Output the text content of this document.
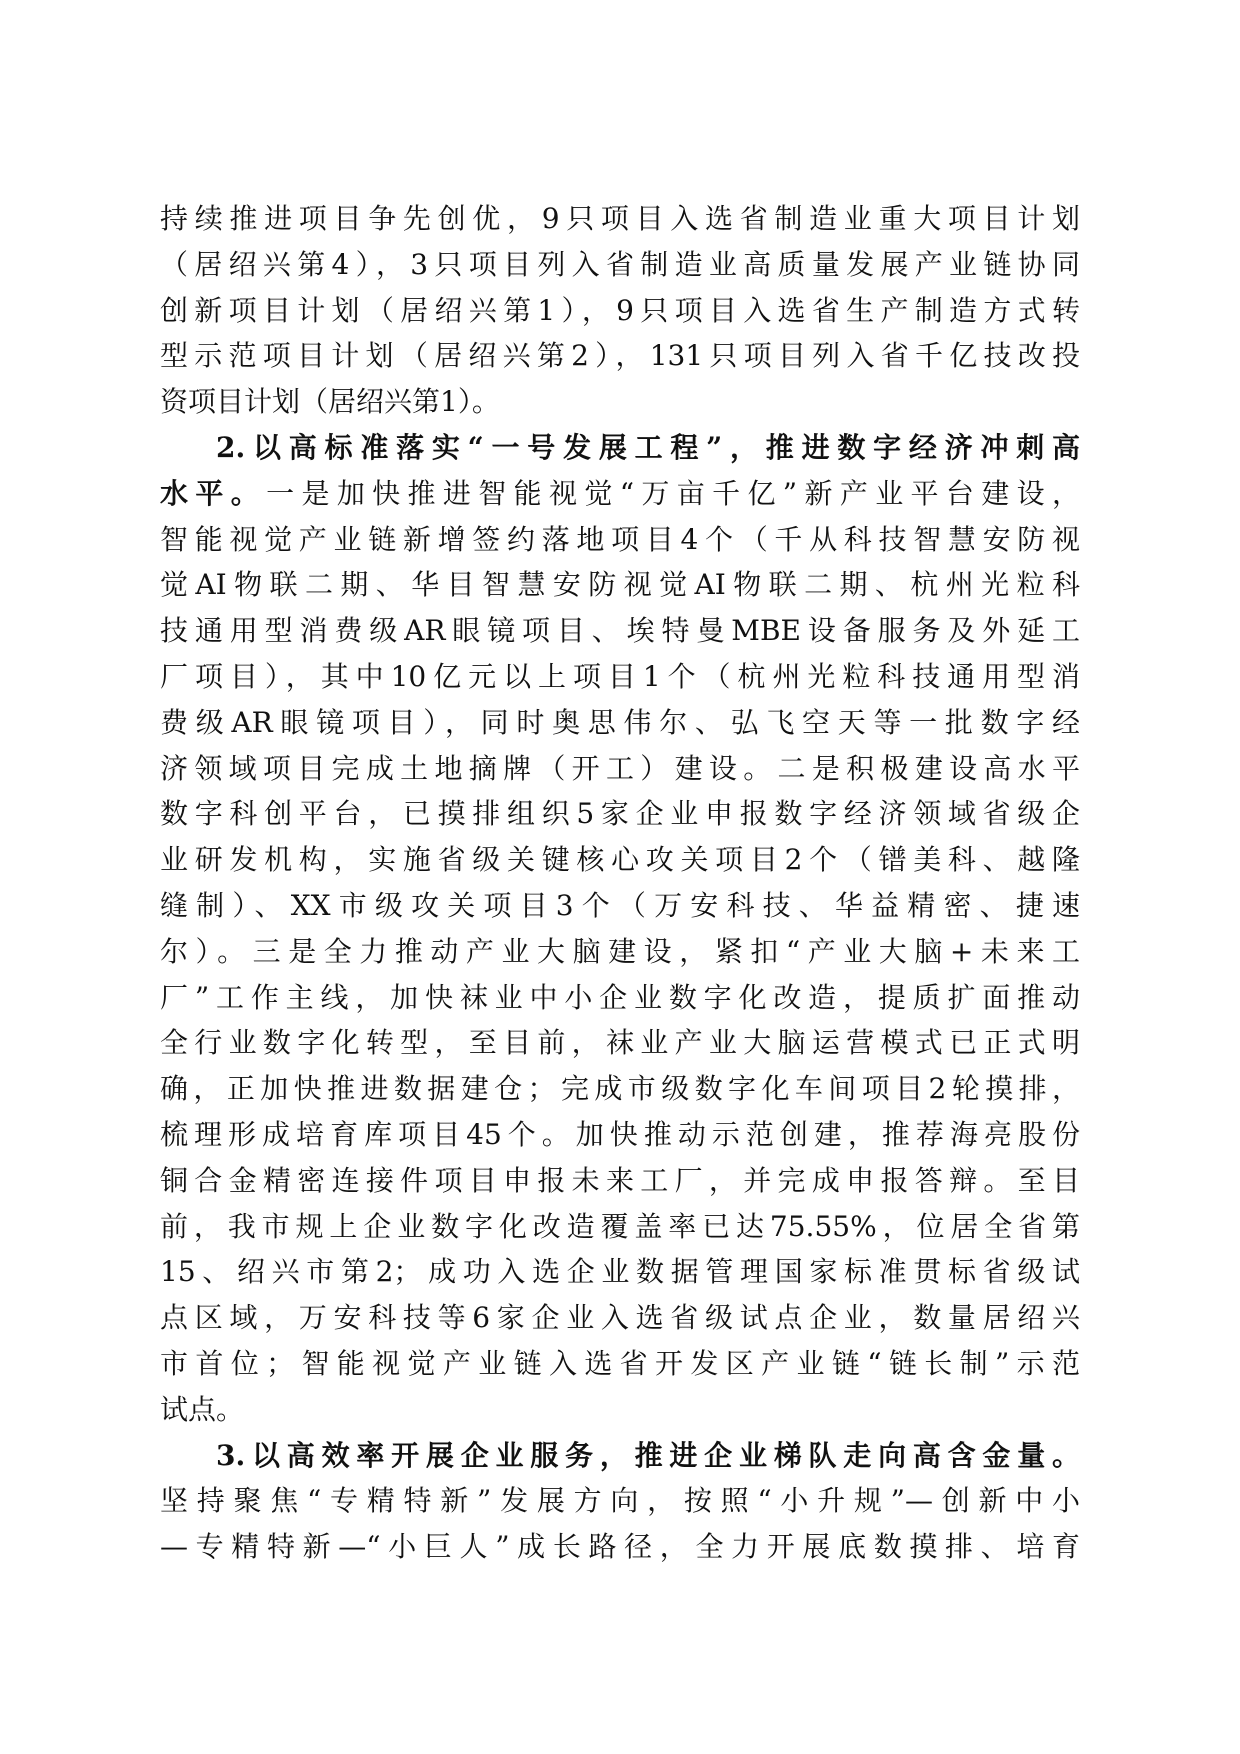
持续推进项目争先创优，9只项目入选省制造业重大项目计划
（居绍兴第4），3只项目列入省制造业高质量发展产业链协同
创新项目计划（居绍兴第1），9只项目入选省生产制造方式转
型示范项目计划（居绍兴第2），131只项目列入省千亿技改投
资项目计划（居绍兴第1）。
2.以高标准落实“一号发展工程”，推进数字经济冲刺高
水平。一是加快推进智能视觉“万亩千亿”新产业平台建设，
智能视觉产业链新增签约落地项目4个（千从科技智慧安防视
觉AI物联二期、华目智慧安防视觉AI物联二期、杭州光粒科
技通用型消费级AR眼镜项目、埃特曼MBE设备服务及外延工
厂项目），其中10亿元以上项目1个（杭州光粒科技通用型消
费级AR眼镜项目），同时奥思伟尔、弘飞空天等一批数字经
济领域项目完成土地摘牌（开工）建设。二是积极建设高水平
数字科创平台，已摸排组织5家企业申报数字经济领域省级企
业研发机构，实施省级关键核心攻关项目2个（镨美科、越隆
缝制）、XX市级攻关项目3个（万安科技、华益精密、捷速
尔）。三是全力推动产业大脑建设，紧扣“产业大脑+未来工
厂”工作主线，加快袜业中小企业数字化改造，提质扩面推动
全行业数字化转型，至目前，袜业产业大脑运营模式已正式明
确，正加快推进数据建仓；完成市级数字化车间项目2轮摸排，
梳理形成培育库项目45个。加快推动示范创建，推荐海亮股份
铜合金精密连接件项目申报未来工厂，并完成申报答辩。至目
前，我市规上企业数字化改造覆盖率已达75.55%，位居全省第
15、绍兴市第2；成功入选企业数据管理国家标准贯标省级试
点区域，万安科技等6家企业入选省级试点企业，数量居绍兴
市首位；智能视觉产业链入选省开发区产业链“链长制”示范
试点。
3.以高效率开展企业服务，推进企业梯队走向高含金量。
坚持聚焦“专精特新”发展方向，按照“小升规”—创新中小
—专精特新—“小巨人”成长路径，全力开展底数摸排、培育
